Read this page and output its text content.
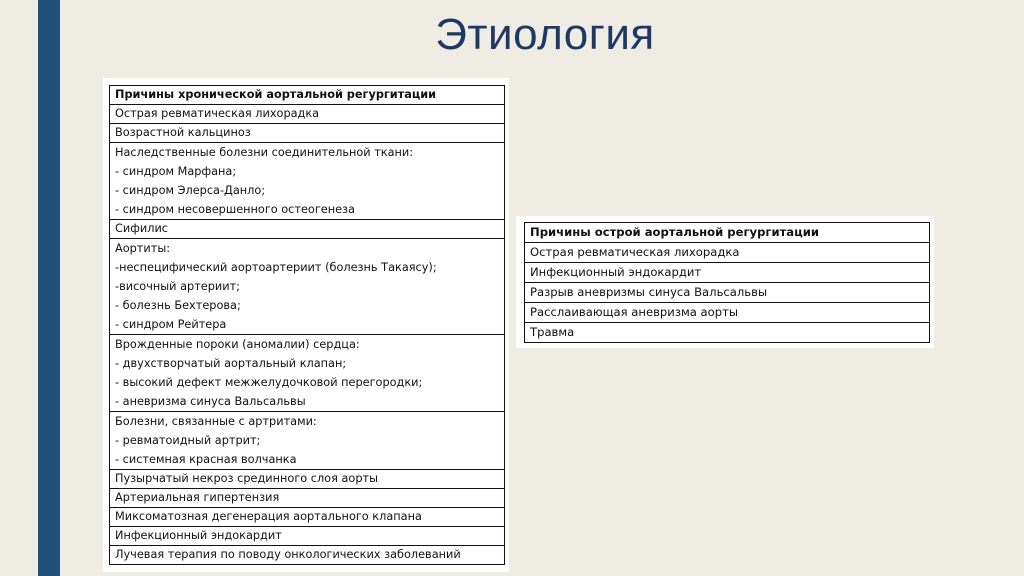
Этиология
Причины хронической аортальной регургитации

Острая ревматическая лихорадка

Возрастной кальциноз

Наследственные болезни соединительной ткани:
- синдром Марфана;
- синдром Элерса-Данло;
- синдром несовершенного остеогенеза

Сифилис

Аортиты:
-неспецифический аортоартериит (болезнь Такаясу);
-височный артериит;
- болезнь Бехтерова;
- синдром Рейтера

Врожденные пороки (аномалии) сердца:
- двухстворчатый аортальный клапан;
- высокий дефект межжелудочковой перегородки;
- аневризма синуса Вальсальвы

Болезни, связанные с артритами:
- ревматоидный артрит;
- системная красная волчанка

Пузырчатый некроз срединного слоя аорты

Артериальная гипертензия

Миксоматозная дегенерация аортального клапана

Инфекционный эндокардит

Лучевая терапия по поводу онкологических заболеваний
Причины острой аортальной регургитации
Острая ревматическая лихорадка
Инфекционный эндокардит
Разрыв аневризмы синуса Вальсальвы
Расслаивающая аневризма аорты
Травма
